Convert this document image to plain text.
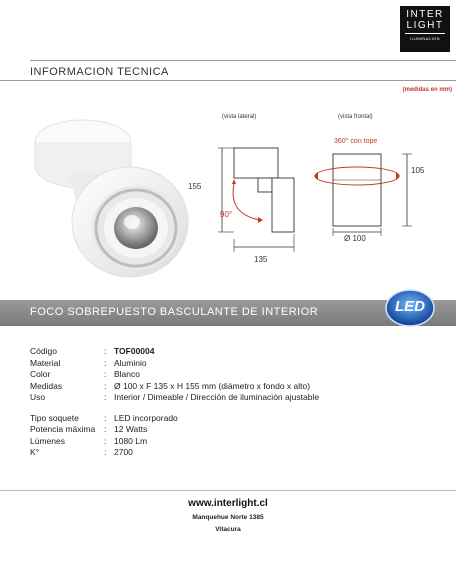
INTER
LIGHT
ILUMINACION
INFORMACION TECNICA
(medidas en mm)
(vista lateral)
155
135
90°
(vista frontal)
360° con tope
105
Ø 100
FOCO SOBREPUESTO BASCULANTE DE INTERIOR	LED
Código	: TOF00004
Material	: Aluminio
Color	: Blanco
Medidas	: Ø 100 x F 135 x H 155 mm (diámetro x fondo x alto)
Uso	: Interior / Dimeable / Dirección de iluminación ajustable
Tipo soquete	: LED incorporado
Potencia máxima	: 12 Watts
Lúmenes	: 1080 Lm
K°	: 2700
www.interlight.cl
Manquehue Norte 1385
Vitacura
